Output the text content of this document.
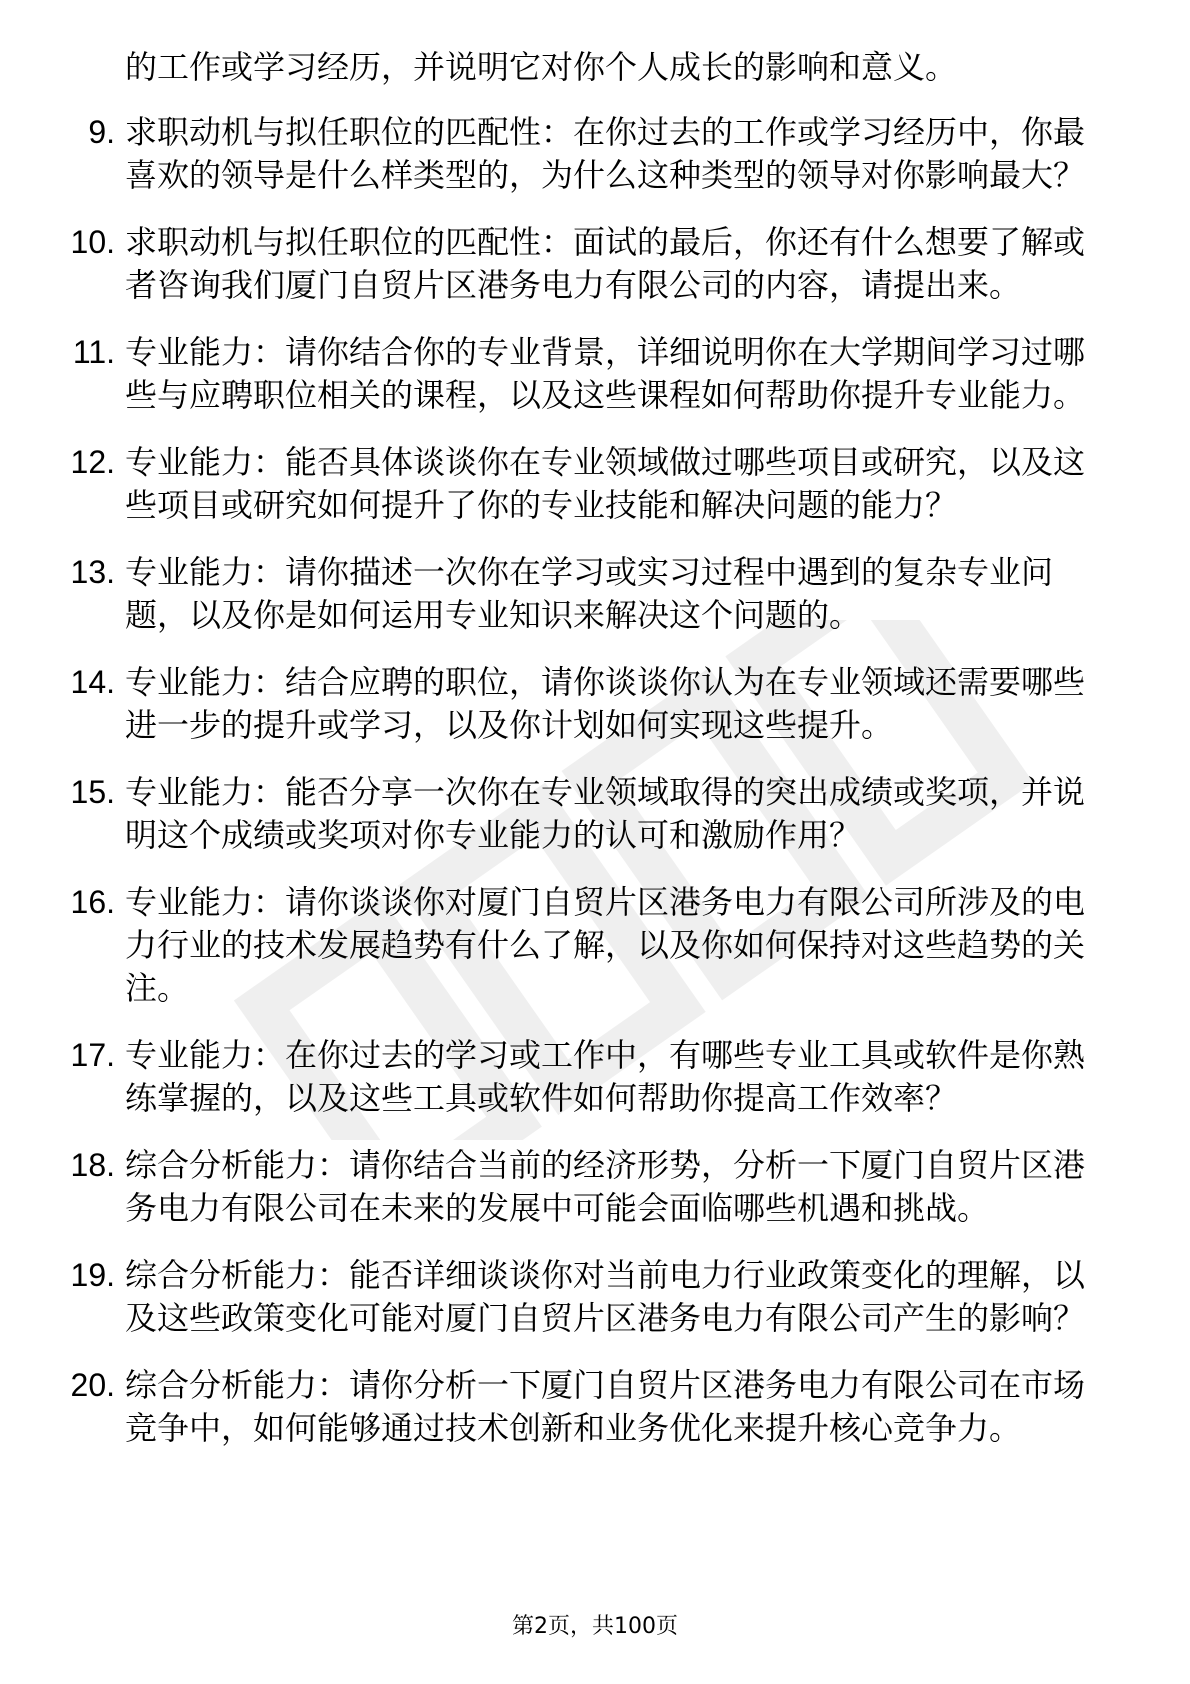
的工作或学习经历，并说明它对你个人成长的影响和意义。
9. 求职动机与拟任职位的匹配性：在你过去的工作或学习经历中，你最喜欢的领导是什么样类型的，为什么这种类型的领导对你影响最大？
10. 求职动机与拟任职位的匹配性：面试的最后，你还有什么想要了解或者咨询我们厦门自贸片区港务电力有限公司的内容，请提出来。
11. 专业能力：请你结合你的专业背景，详细说明你在大学期间学习过哪些与应聘职位相关的课程，以及这些课程如何帮助你提升专业能力。
12. 专业能力：能否具体谈谈你在专业领域做过哪些项目或研究，以及这些项目或研究如何提升了你的专业技能和解决问题的能力？
13. 专业能力：请你描述一次你在学习或实习过程中遇到的复杂专业问题，以及你是如何运用专业知识来解决这个问题的。
14. 专业能力：结合应聘的职位，请你谈谈你认为在专业领域还需要哪些进一步的提升或学习，以及你计划如何实现这些提升。
15. 专业能力：能否分享一次你在专业领域取得的突出成绩或奖项，并说明这个成绩或奖项对你专业能力的认可和激励作用？
16. 专业能力：请你谈谈你对厦门自贸片区港务电力有限公司所涉及的电力行业的技术发展趋势有什么了解，以及你如何保持对这些趋势的关注。
17. 专业能力：在你过去的学习或工作中，有哪些专业工具或软件是你熟练掌握的，以及这些工具或软件如何帮助你提高工作效率？
18. 综合分析能力：请你结合当前的经济形势，分析一下厦门自贸片区港务电力有限公司在未来的发展中可能会面临哪些机遇和挑战。
19. 综合分析能力：能否详细谈谈你对当前电力行业政策变化的理解，以及这些政策变化可能对厦门自贸片区港务电力有限公司产生的影响？
20. 综合分析能力：请你分析一下厦门自贸片区港务电力有限公司在市场竞争中，如何能够通过技术创新和业务优化来提升核心竞争力。
第2页，共100页
